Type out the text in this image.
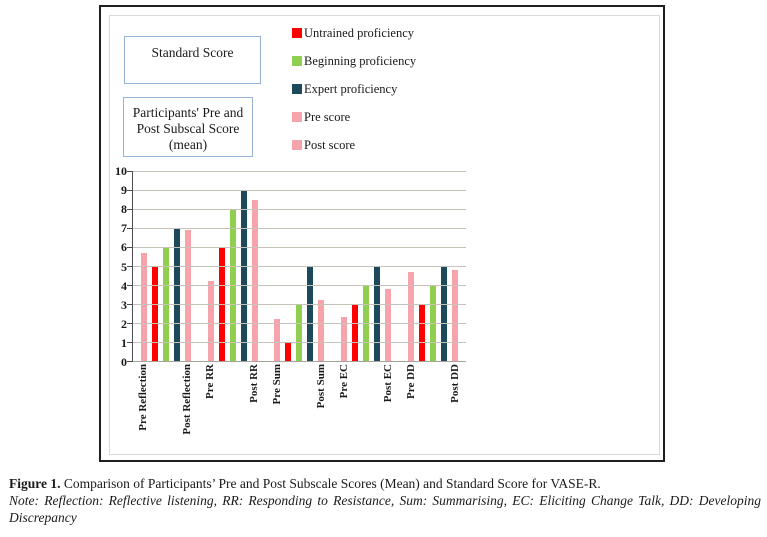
Standard Score
Participants' Pre and Post Subscal Score (mean)
Untrained proficiency
Beginning proficiency
Expert proficiency
Pre score
Post score
0
1
2
3
4
5
6
7
8
9
10
Pre Reflection	Post Reflection Pre RR	Post RR Pre Sum	Post Sum Pre EC	Post EC Pre DD	Post DD
Figure 1. Comparison of Participants’ Pre and Post Subscale Scores (Mean) and Standard Score for VASE-R.
Note: Reflection: Reflective listening, RR: Responding to Resistance, Sum: Summarising, EC: Eliciting Change Talk, DD: Developing Discrepancy
